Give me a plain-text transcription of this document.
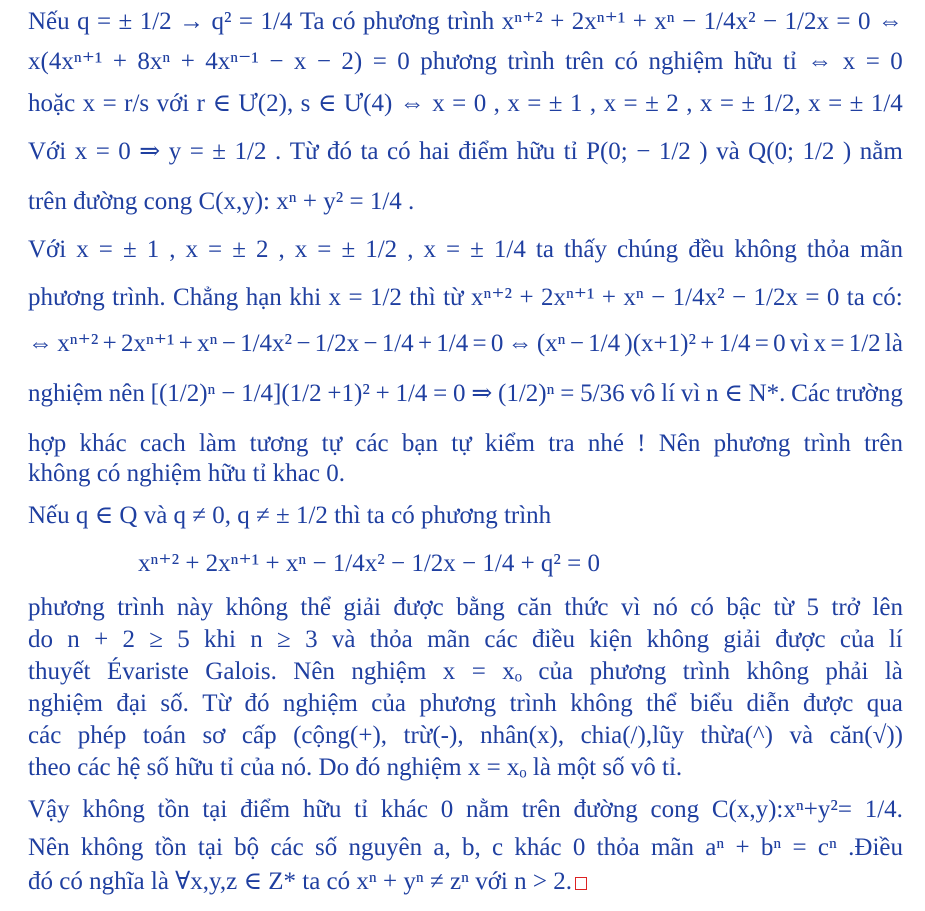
Nếu q = ± 1/2 → q² = 1/4 Ta có phương trình xⁿ⁺² + 2xⁿ⁺¹ + xⁿ − 1/4x² − 1/2x = 0 ⇔
x(4xⁿ⁺¹ + 8xⁿ + 4xⁿ⁻¹ − x − 2) = 0 phương trình trên có nghiệm hữu tỉ ⇔ x = 0
hoặc x = r/s với r ∈ Ư(2), s ∈ Ư(4) ⇔ x = 0 , x = ± 1 , x = ± 2 , x = ± 1/2, x = ± 1/4
Với x = 0 ⇒ y = ± 1/2 . Từ đó ta có hai điểm hữu tỉ P(0; − 1/2 ) và Q(0; 1/2 ) nằm
trên đường cong C(x,y): xⁿ + y² = 1/4 .
Với x = ± 1 , x = ± 2 , x = ± 1/2 , x = ± 1/4 ta thấy chúng đều không thỏa mãn
phương trình. Chẳng hạn khi x = 1/2 thì từ xⁿ⁺² + 2xⁿ⁺¹ + xⁿ − 1/4x² − 1/2x = 0 ta có:
⇔ xⁿ⁺² + 2xⁿ⁺¹ + xⁿ − 1/4x² − 1/2x − 1/4 + 1/4 = 0 ⇔ (xⁿ − 1/4 )(x+1)² + 1/4 = 0 vì x = 1/2 là
nghiệm nên [(1/2)ⁿ − 1/4](1/2 +1)² + 1/4 = 0 ⇒ (1/2)ⁿ = 5/36 vô lí vì n ∈ N*. Các trường
hợp khác cach làm tương tự các bạn tự kiểm tra nhé ! Nên phương trình trên
không có nghiệm hữu tỉ khac 0.
Nếu q ∈ Q và q ≠ 0, q ≠ ± 1/2 thì ta có phương trình
xⁿ⁺² + 2xⁿ⁺¹ + xⁿ − 1/4x² − 1/2x − 1/4 + q² = 0
phương trình này không thể giải được bằng căn thức vì nó có bậc từ 5 trở lên
do n + 2 ≥ 5 khi n ≥ 3 và thỏa mãn các điều kiện không giải được của lí
thuyết Évariste Galois. Nên nghiệm x = xₒ của phương trình không phải là
nghiệm đại số. Từ đó nghiệm của phương trình không thể biểu diễn được qua
các phép toán sơ cấp (cộng(+), trừ(-), nhân(x), chia(/),lũy thừa(^) và căn(√))
theo các hệ số hữu tỉ của nó. Do đó nghiệm x = xₒ là một số vô tỉ.
Vậy không tồn tại điểm hữu tỉ khác 0 nằm trên đường cong C(x,y):xⁿ+y²= 1/4.
Nên không tồn tại bộ các số nguyên a, b, c khác 0 thỏa mãn aⁿ + bⁿ = cⁿ .Điều
đó có nghĩa là ∀x,y,z ∈ Z* ta có xⁿ + yⁿ ≠ zⁿ với n > 2.
